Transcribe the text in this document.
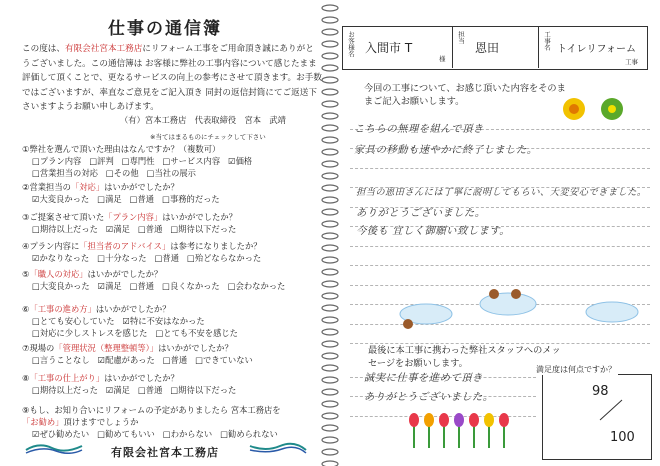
仕事の通信簿
この度は、有限会社宮本工務店にリフォーム工事をご用命頂き誠にありがとうございました。この通信簿は お客様に弊社の工事内容について感じたまま評価して頂くことで、更なるサービスの向上の参考にさせて頂きます。お手数ではございますが、率直なご意見をご記入頂き 同封の返信封筒にてご返送下さいますようお願い申しあげます。
（有）宮本工務店　代表取締役　宮本　武靖
※当てはまるものにチェックして下さい
①弊社を選んで頂いた理由はなんですか？（複数可）
□プラン内容 □評判 □専門性 □サービス内容 ☑価格□営業担当の対応 □その他 □当社の展示
②営業担当の「対応」はいかがでしたか？
☑大変良かった □満足 □普通 □事務的だった
③ご提案させて頂いた「プラン内容」はいかがでしたか？
□期待以上だった ☑満足 □普通 □期待以下だった
④プラン内容に「担当者のアドバイス」は参考になりましたか？
☑かなりなった □十分なった □普通 □殆どならなかった
⑤「職人の対応」はいかがでしたか？
□大変良かった ☑満足 □普通 □良くなかった □会わなかった
⑥「工事の進め方」はいかがでしたか？
□とても安心していた ☑特に不安はなかった□対応に少しストレスを感じた □とても不安を感じた
⑦現場の「管理状況（整理整頓等）」はいかがでしたか？
□言うことなし ☑配慮があった □普通 □できていない
⑧「工事の仕上がり」はいかがでしたか？
□期待以上だった ☑満足 □普通 □期待以下だった
⑨もし、お知り合いにリフォームの予定がありましたら 宮本工務店を「お勧め」頂けますでしょうか
☑ぜひ勧めたい □勧めてもいい □わからない □勧められない
有限会社宮本工務店
お客様名 入間市 T
様
担当
恩田	工事名 トイレリフォーム
工事
今回の工事について、お感じ頂いた内容をそのままご記入お願いします。
こちらの無理を組んで頂き
家具の移動も速やかに終了しました。
担当の恩田さんには丁寧に説明してもらい、大変安心できました。
ありがとうございました。
今後も 宜しく御願い致します。
最後に本工事に携わった弊社スタッフへのメッセージをお願いします。
誠実に仕事を進めて頂き
ありがとうございました。
満足度は何点ですか？
98
100
